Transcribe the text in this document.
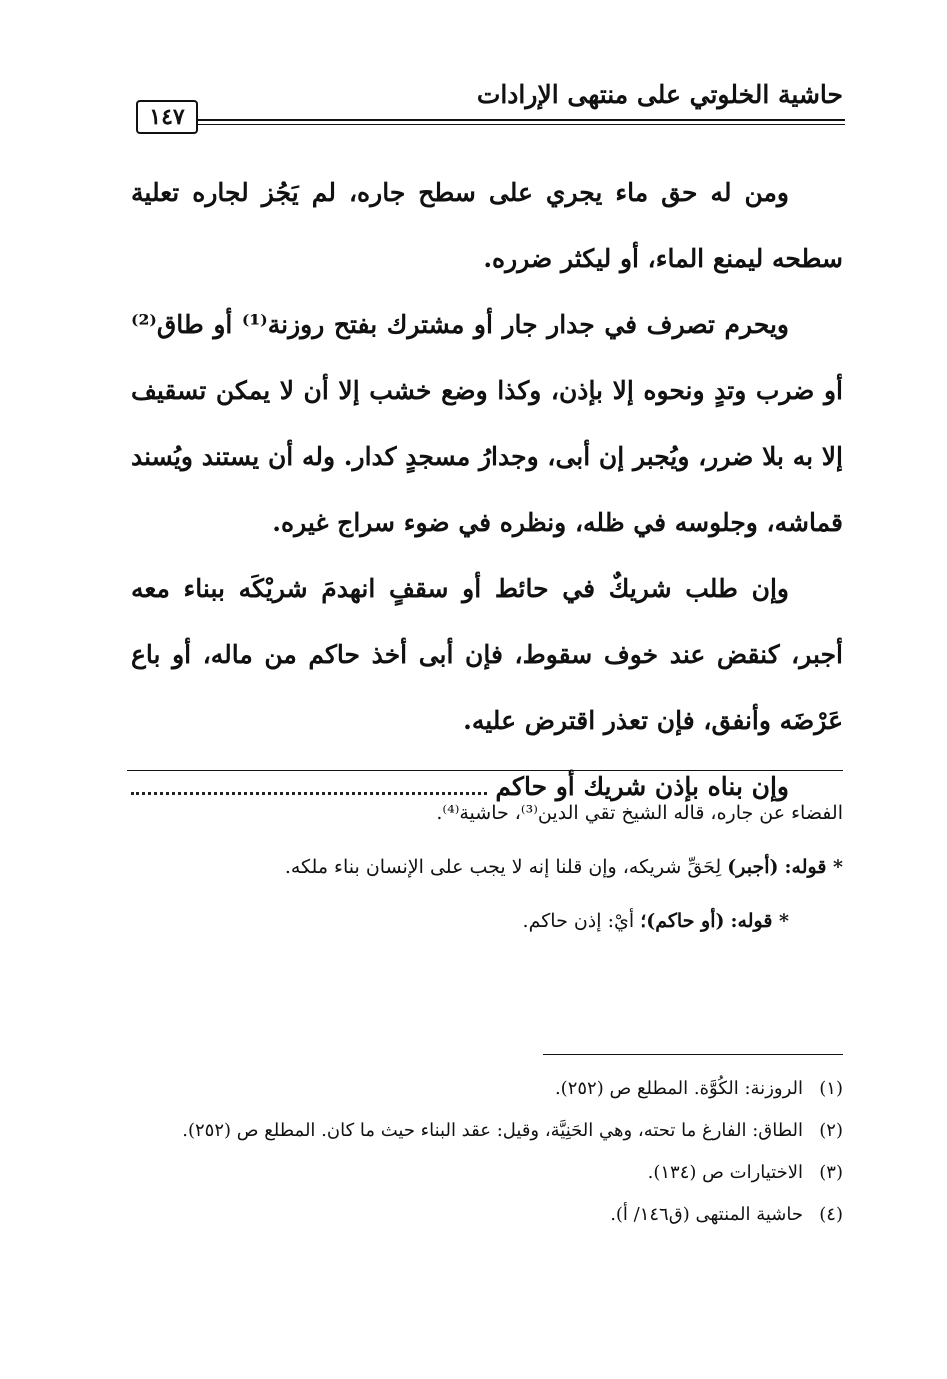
حاشية الخلوتي على منتهى الإرادات
١٤٧

ومن له حق ماء يجري على سطح جاره، لم يَجُز لجاره تعلية سطحه ليمنع الماء، أو ليكثر ضرره.

ويحرم تصرف في جدار جار أو مشترك بفتح روزنة⁽¹⁾ أو طاق⁽²⁾ أو ضرب وتدٍ ونحوه إلا بإذن، وكذا وضع خشب إلا أن لا يمكن تسقيف إلا به بلا ضرر، ويُجبر إن أبى، وجدارُ مسجدٍ كدار. وله أن يستند ويُسند قماشه، وجلوسه في ظله، ونظره في ضوء سراج غيره.

وإن طلب شريكٌ في حائط أو سقفٍ انهدمَ شريْكَه ببناء معه أجبر، كنقض عند خوف سقوط، فإن أبى أخذ حاكم من ماله، أو باع عَرْضَه وأنفق، فإن تعذر اقترض عليه.

وإن بناه بإذن شريك أو حاكم

الفضاء عن جاره، قاله الشيخ تقي الدين⁽³⁾، حاشية⁽⁴⁾.

* قوله: (أجبر) لِحَقِّ شريكه، وإن قلنا إنه لا يجب على الإنسان بناء ملكه.

* قوله: (أو حاكم)؛ أيْ: إذن حاكم.

(١)
الروزنة: الكُوَّة. المطلع ص (٢٥٢).
(٢)
الطاق: الفارغ ما تحته، وهي الحَنِيَّة، وقيل: عقد البناء حيث ما كان. المطلع ص (٢٥٢).
(٣)
الاختيارات ص (١٣٤).
(٤)
حاشية المنتهى (ق١٤٦/ أ).
